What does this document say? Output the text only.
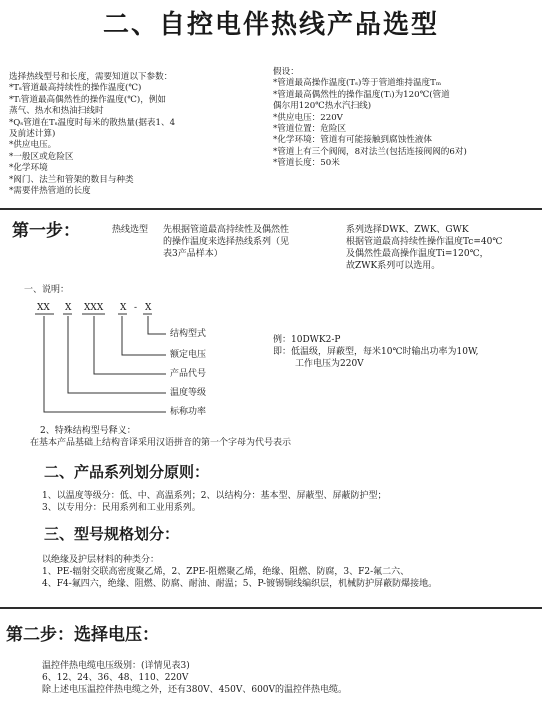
二、自控电伴热线产品选型

选择热线型号和长度，需要知道以下参数：

*Tₛ管道最高持续性的操作温度(℃)

*Tᵢ管道最高偶然性的操作温度(℃)，例如

蒸气、热水和热油扫线时

*Qₛ管道在Tₛ温度时每米的散热量(据表1、4

及前述计算)

*供应电压。

*一般区或危险区

*化学环境

*阀门、法兰和管架的数目与种类

*需要伴热管道的长度

假设：

*管道最高操作温度(Tₛ)等于管道维持温度Tₘ

*管道最高偶然性的操作温度(Tᵢ)为120℃(管道

偶尔用120℃热水汽扫线)

*供应电压：220V

*管道位置：危险区

*化学环境：管道有可能接触到腐蚀性液体

*管道上有三个阀阀，8对法兰(包括连接阀阀的6对)

*管道长度：50米

第一步：	热线选型 先根据管道最高持续性及偶然性

的操作温度来选择热线系列（见

表3产品样本）

系列选择DWK、ZWK、GWK

根据管道最高持续性操作温度Tc=40℃

及偶然性最高操作温度Ti=120℃，

故ZWK系列可以选用。

一、说明：
XX X XXX X - X
结构型式
额定电压
产品代号
温度等级
标称功率

例：10DWK2-P

即：低温级，屏蔽型，每米10℃时输出功率为10W,

工作电压为220V

2、特殊结构型号释义：

在基本产品基础上结构音译采用汉语拼音的第一个字母为代号表示

二、产品系列划分原则：

1、以温度等级分：低、中、高温系列；2、以结构分：基本型、屏蔽型、屏蔽防护型；

3、以专用分：民用系列和工业用系列。

三、型号规格划分：

以绝缘及护层材料的种类分：

1、PE-辐射交联高密度聚乙烯，2、ZPE-阻燃聚乙烯，绝缘、阻燃、防腐，3、F2-氟二六、

4、F4-氟四六，绝缘、阻燃、防腐、耐油、耐温；5、P-镀锡铜线编织层，机械防护屏蔽防爆接地。

第二步：选择电压：

温控伴热电缆电压级别：(详情见表3)

6、12、24、36、48、110、220V

除上述电压温控伴热电缆之外，还有380V、450V、600V的温控伴热电缆。
